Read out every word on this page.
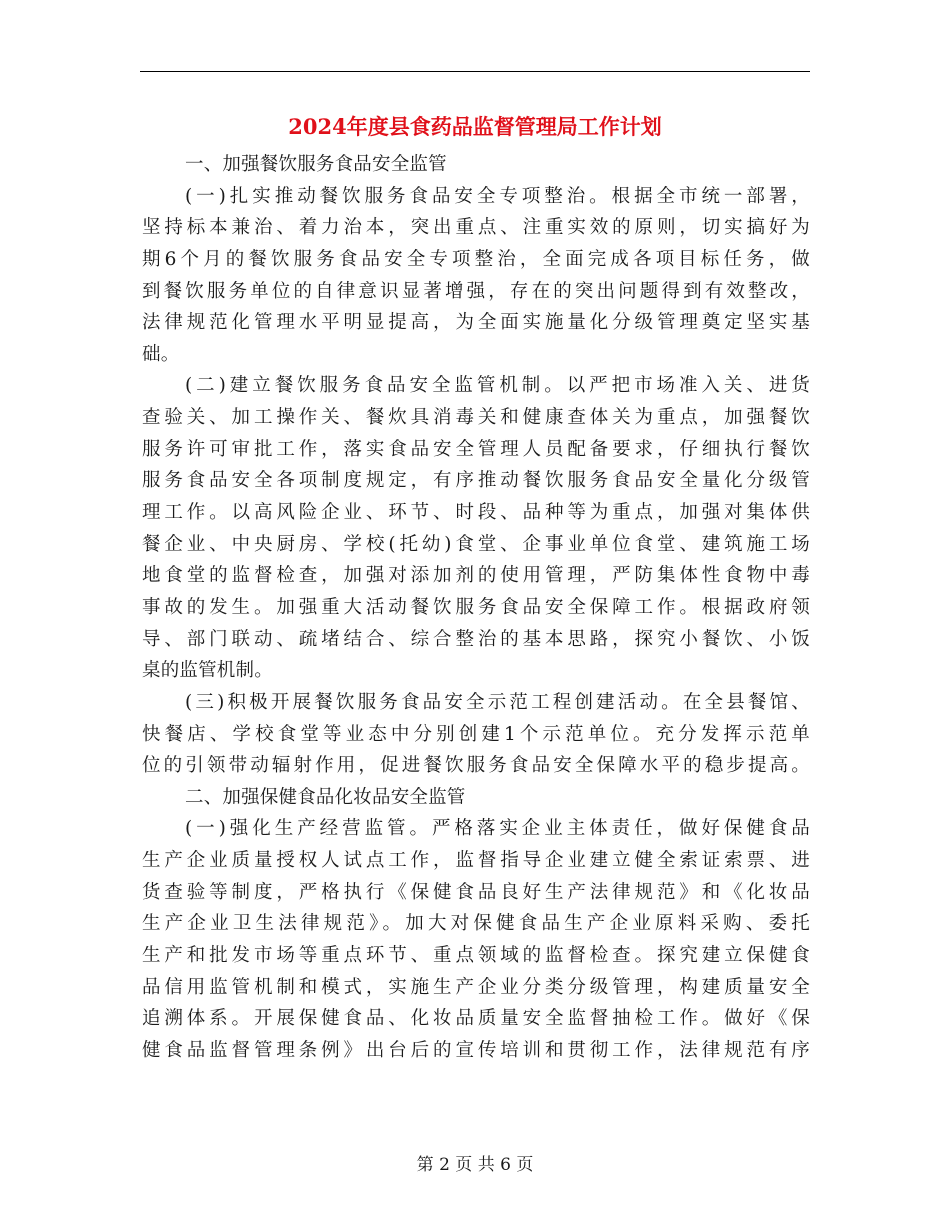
2024年度县食药品监督管理局工作计划
一、加强餐饮服务食品安全监管
(一)扎实推动餐饮服务食品安全专项整治。根据全市统一部署，
坚持标本兼治、着力治本，突出重点、注重实效的原则，切实搞好为
期6个月的餐饮服务食品安全专项整治，全面完成各项目标任务，做
到餐饮服务单位的自律意识显著增强，存在的突出问题得到有效整改，
法律规范化管理水平明显提高，为全面实施量化分级管理奠定坚实基
础。
(二)建立餐饮服务食品安全监管机制。以严把市场准入关、进货
查验关、加工操作关、餐炊具消毒关和健康查体关为重点，加强餐饮
服务许可审批工作，落实食品安全管理人员配备要求，仔细执行餐饮
服务食品安全各项制度规定，有序推动餐饮服务食品安全量化分级管
理工作。以高风险企业、环节、时段、品种等为重点，加强对集体供
餐企业、中央厨房、学校(托幼)食堂、企事业单位食堂、建筑施工场
地食堂的监督检查，加强对添加剂的使用管理，严防集体性食物中毒
事故的发生。加强重大活动餐饮服务食品安全保障工作。根据政府领
导、部门联动、疏堵结合、综合整治的基本思路，探究小餐饮、小饭
桌的监管机制。
(三)积极开展餐饮服务食品安全示范工程创建活动。在全县餐馆、
快餐店、学校食堂等业态中分别创建1个示范单位。充分发挥示范单
位的引领带动辐射作用，促进餐饮服务食品安全保障水平的稳步提高。
二、加强保健食品化妆品安全监管
(一)强化生产经营监管。严格落实企业主体责任，做好保健食品
生产企业质量授权人试点工作，监督指导企业建立健全索证索票、进
货查验等制度，严格执行《保健食品良好生产法律规范》和《化妆品
生产企业卫生法律规范》。加大对保健食品生产企业原料采购、委托
生产和批发市场等重点环节、重点领域的监督检查。探究建立保健食
品信用监管机制和模式，实施生产企业分类分级管理，构建质量安全
追溯体系。开展保健食品、化妆品质量安全监督抽检工作。做好《保
健食品监督管理条例》出台后的宣传培训和贯彻工作，法律规范有序
第 2 页 共 6 页
